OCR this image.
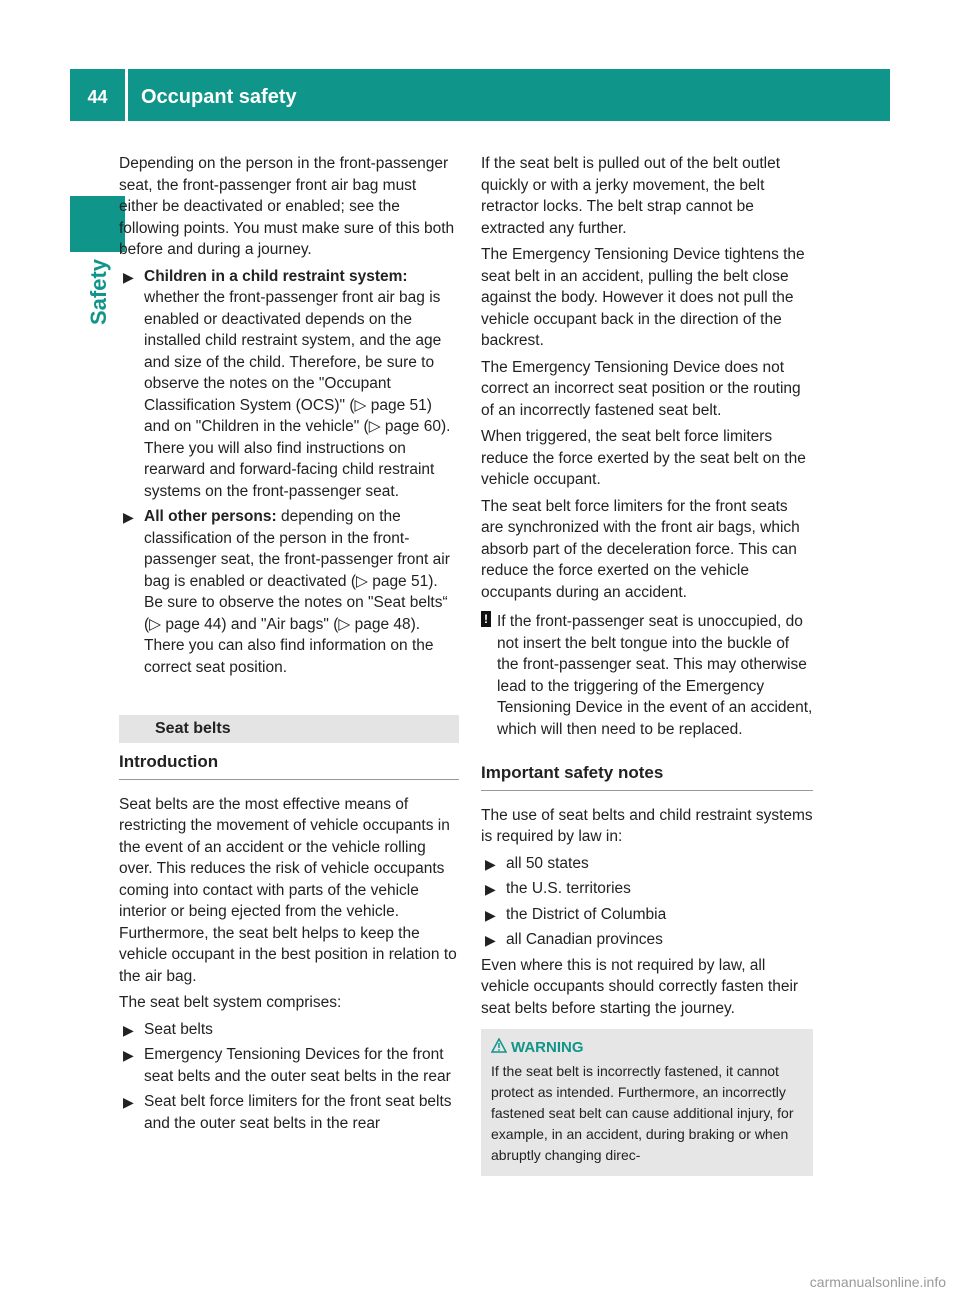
44	Occupant safety
Safety

Depending on the person in the front-passenger seat, the front-passenger front air bag must either be deactivated or enabled; see the following points. You must make sure of this both before and during a journey.

▶ Children in a child restraint system: whether the front-passenger front air bag is enabled or deactivated depends on the installed child restraint system, and the age and size of the child. Therefore, be sure to observe the notes on the "Occupant Classification System (OCS)" (▷ page 51) and on "Children in the vehicle" (▷ page 60). There you will also find instructions on rearward and forward-facing child restraint systems on the front-passenger seat.
▶ All other persons: depending on the classification of the person in the front-passenger seat, the front-passenger front air bag is enabled or deactivated (▷ page 51). Be sure to observe the notes on "Seat belts“ (▷ page 44) and "Air bags" (▷ page 48). There you can also find information on the correct seat position.
Seat belts
Introduction

Seat belts are the most effective means of restricting the movement of vehicle occupants in the event of an accident or the vehicle rolling over. This reduces the risk of vehicle occupants coming into contact with parts of the vehicle interior or being ejected from the vehicle. Furthermore, the seat belt helps to keep the vehicle occupant in the best position in relation to the air bag.

The seat belt system comprises:

▶ Seat belts
▶ Emergency Tensioning Devices for the front seat belts and the outer seat belts in the rear
▶ Seat belt force limiters for the front seat belts and the outer seat belts in the rear

If the seat belt is pulled out of the belt outlet quickly or with a jerky movement, the belt retractor locks. The belt strap cannot be extracted any further.

The Emergency Tensioning Device tightens the seat belt in an accident, pulling the belt close against the body. However it does not pull the vehicle occupant back in the direction of the backrest.

The Emergency Tensioning Device does not correct an incorrect seat position or the routing of an incorrectly fastened seat belt.

When triggered, the seat belt force limiters reduce the force exerted by the seat belt on the vehicle occupant.

The seat belt force limiters for the front seats are synchronized with the front air bags, which absorb part of the deceleration force. This can reduce the force exerted on the vehicle occupants during an accident.

! If the front-passenger seat is unoccupied, do not insert the belt tongue into the buckle of the front-passenger seat. This may otherwise lead to the triggering of the Emergency Tensioning Device in the event of an accident, which will then need to be replaced.
Important safety notes

The use of seat belts and child restraint systems is required by law in:

▶ all 50 states
▶ the U.S. territories
▶ the District of Columbia
▶ all Canadian provinces

Even where this is not required by law, all vehicle occupants should correctly fasten their seat belts before starting the journey.

WARNING
If the seat belt is incorrectly fastened, it cannot protect as intended. Furthermore, an incorrectly fastened seat belt can cause additional injury, for example, in an accident, during braking or when abruptly changing direc-
carmanualsonline.info
